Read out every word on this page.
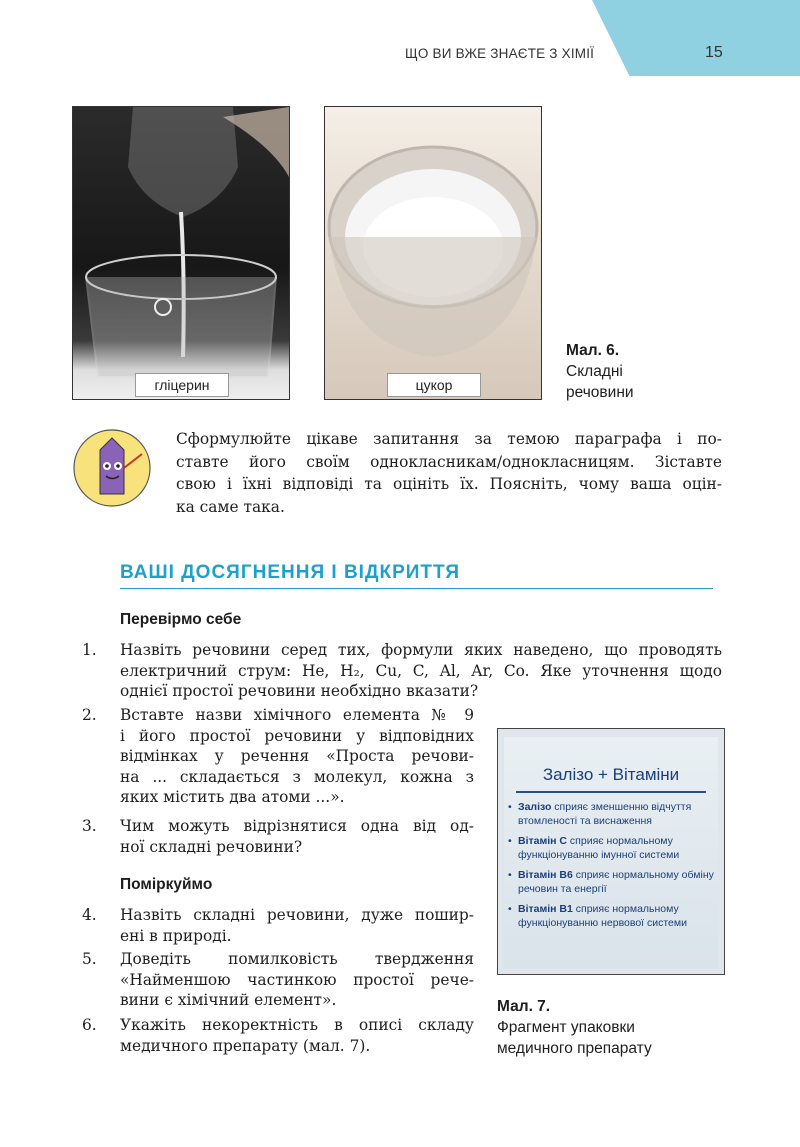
ЩО ВИ ВЖЕ ЗНАЄТЕ З ХІМІЇ	15
гліцерин	цукор
Мал. 6.
Складні
речовини
Сформулюйте цікаве запитання за темою параграфа і по-
ставте його своїм однокласникам/однокласницям. Зіставте
свою і їхні відповіді та оцініть їх. Поясніть, чому ваша оцін-
ка саме така.
ВАШІ ДОСЯГНЕННЯ І ВІДКРИТТЯ
Перевірмо себе
1. Назвіть речовини серед тих, формули яких наведено, що проводять
електричний струм: He, H₂, Cu, C, Al, Ar, Co. Яке уточнення щодо
однієї простої речовини необхідно вказати?
2. Вставте назви хімічного елемента № 9
і його простої речовини у відповідних
відмінках у речення «Проста речови-
на ... складається з молекул, кожна з
яких містить два атоми ...».
3. Чим можуть відрізнятися одна від од-
ної складні речовини?
Поміркуймо
4. Назвіть складні речовини, дуже пошир-
ені в природі.
5. Доведіть помилковість твердження
«Найменшою частинкою простої рече-
вини є хімічний елемент».
6. Укажіть некоректність в описі складу
медичного препарату (мал. 7).
Залізо + Вітаміни
• Залізо сприяє зменшенню відчуття втомленості та виснаження
• Вітамін С сприяє нормальному функціонуванню імунної системи
• Вітамін В6 сприяє нормальному обміну речовин та енергії
• Вітамін В1 сприяє нормальному функціонуванню нервової системи
Мал. 7.
Фрагмент упаковки
медичного препарату
